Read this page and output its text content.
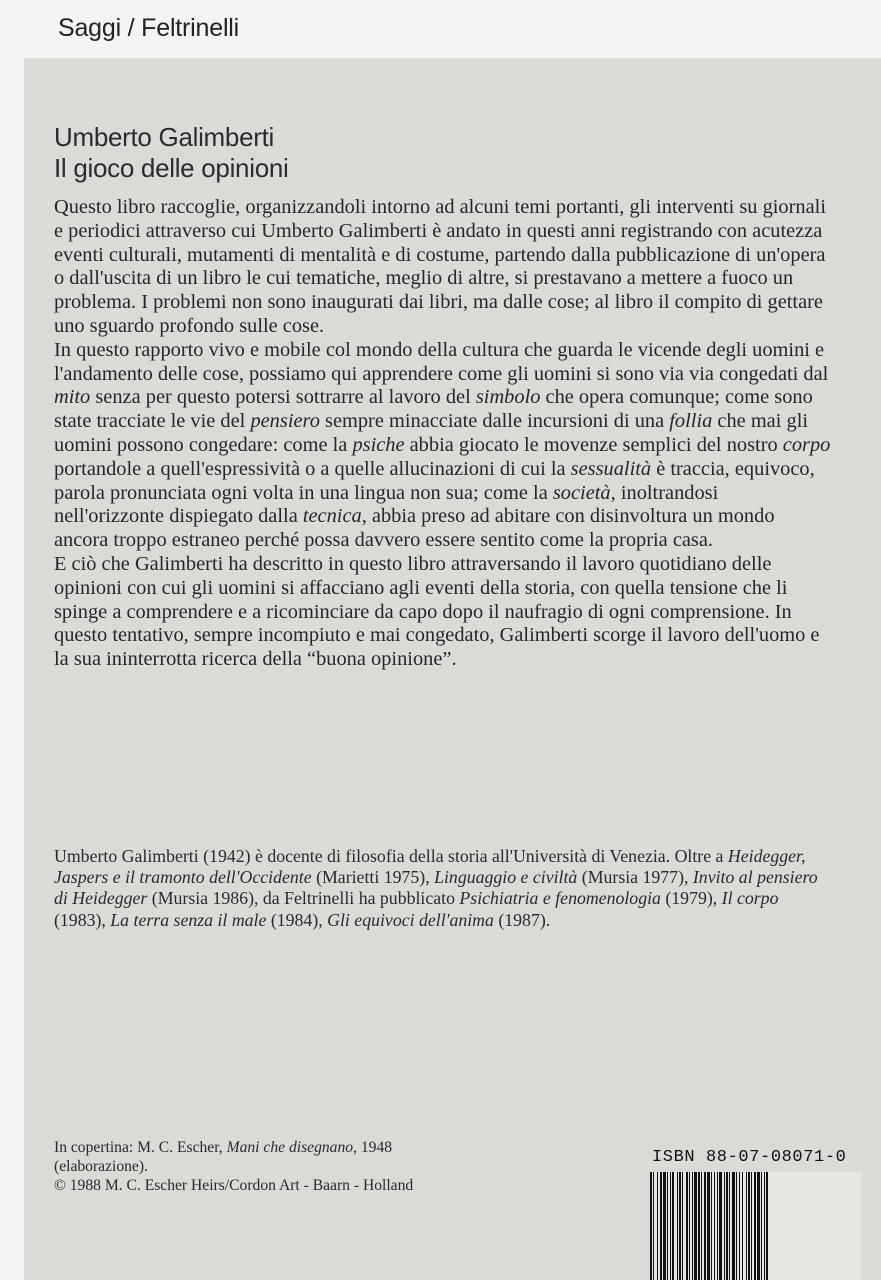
Saggi / Feltrinelli
Umberto Galimberti
Il gioco delle opinioni

Questo libro raccoglie, organizzandoli intorno ad alcuni temi portanti, gli interventi su giornali e periodici attraverso cui Umberto Galimberti è andato in questi anni registrando con acutezza eventi culturali, mutamenti di mentalità e di costume, partendo dalla pubblicazione di un'opera o dall'uscita di un libro le cui tematiche, meglio di altre, si prestavano a mettere a fuoco un problema. I problemi non sono inaugurati dai libri, ma dalle cose; al libro il compito di gettare uno sguardo profondo sulle cose.

In questo rapporto vivo e mobile col mondo della cultura che guarda le vicende degli uomini e l'andamento delle cose, possiamo qui apprendere come gli uomini si sono via via congedati dal mito senza per questo potersi sottrarre al lavoro del simbolo che opera comunque; come sono state tracciate le vie del pensiero sempre minacciate dalle incursioni di una follia che mai gli uomini possono congedare: come la psiche abbia giocato le movenze semplici del nostro corpo portandole a quell'espressività o a quelle allucinazioni di cui la sessualità è traccia, equivoco, parola pronunciata ogni volta in una lingua non sua; come la società, inoltrandosi nell'orizzonte dispiegato dalla tecnica, abbia preso ad abitare con disinvoltura un mondo ancora troppo estraneo perché possa davvero essere sentito come la propria casa.

E ciò che Galimberti ha descritto in questo libro attraversando il lavoro quotidiano delle opinioni con cui gli uomini si affacciano agli eventi della storia, con quella tensione che li spinge a comprendere e a ricominciare da capo dopo il naufragio di ogni comprensione. In questo tentativo, sempre incompiuto e mai congedato, Galimberti scorge il lavoro dell'uomo e la sua ininterrotta ricerca della “buona opinione”.

Umberto Galimberti (1942) è docente di filosofia della storia all'Università di Venezia. Oltre a Heidegger, Jaspers e il tramonto dell'Occidente (Marietti 1975), Linguaggio e civiltà (Mursia 1977), Invito al pensiero di Heidegger (Mursia 1986), da Feltrinelli ha pubblicato Psichiatria e fenomenologia (1979), Il corpo (1983), La terra senza il male (1984), Gli equivoci dell'anima (1987).

In copertina: M. C. Escher, Mani che disegnano, 1948
(elaborazione).
© 1988 M. C. Escher Heirs/Cordon Art - Baarn - Holland
ISBN 88-07-08071-0
